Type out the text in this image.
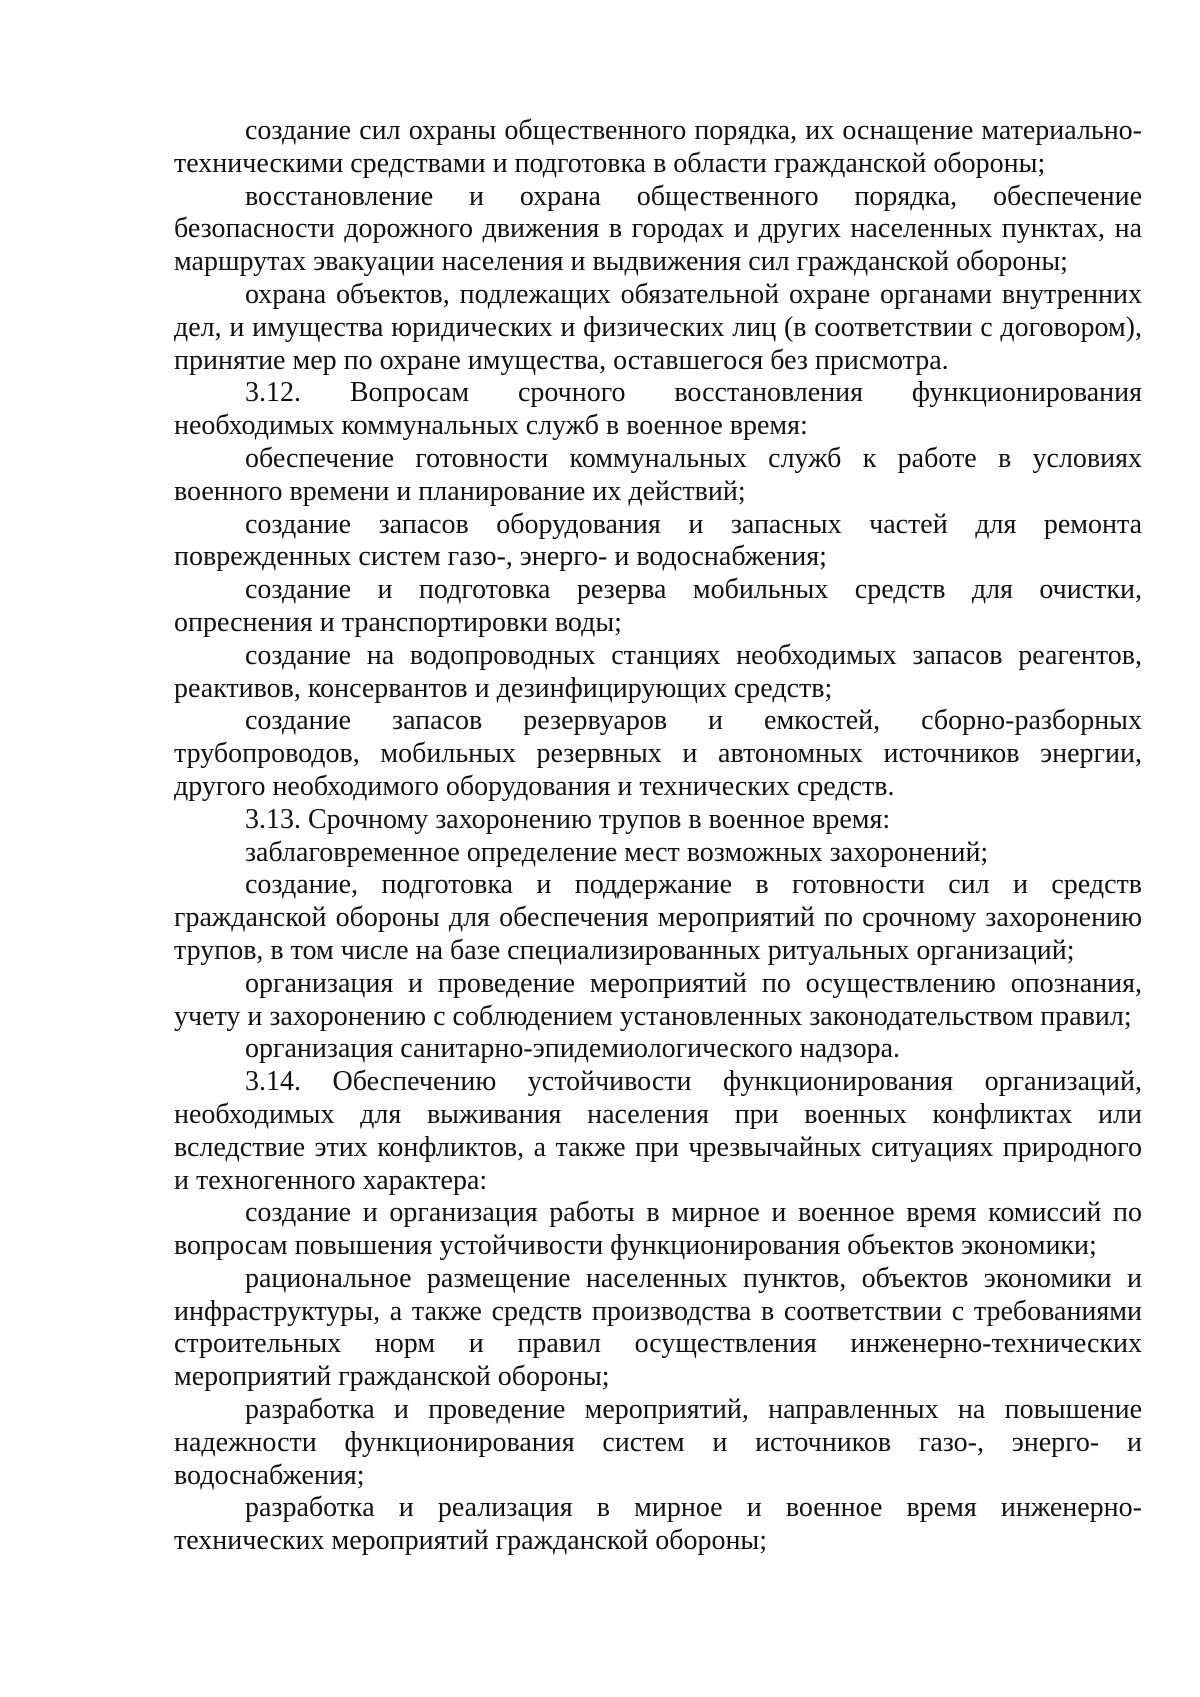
создание сил охраны общественного порядка, их оснащение материально-техническими средствами и подготовка в области гражданской обороны;

восстановление и охрана общественного порядка, обеспечение безопасности дорожного движения в городах и других населенных пунктах, на маршрутах эвакуации населения и выдвижения сил гражданской обороны;

охрана объектов, подлежащих обязательной охране органами внутренних дел, и имущества юридических и физических лиц (в соответствии с договором), принятие мер по охране имущества, оставшегося без присмотра.

3.12. Вопросам срочного восстановления функционирования необходимых коммунальных служб в военное время:

обеспечение готовности коммунальных служб к работе в условиях военного времени и планирование их действий;

создание запасов оборудования и запасных частей для ремонта поврежденных систем газо-, энерго- и водоснабжения;

создание и подготовка резерва мобильных средств для очистки, опреснения и транспортировки воды;

создание на водопроводных станциях необходимых запасов реагентов, реактивов, консервантов и дезинфицирующих средств;

создание запасов резервуаров и емкостей, сборно-разборных трубопроводов, мобильных резервных и автономных источников энергии, другого необходимого оборудования и технических средств.

3.13. Срочному захоронению трупов в военное время:

заблаговременное определение мест возможных захоронений;

создание, подготовка и поддержание в готовности сил и средств гражданской обороны для обеспечения мероприятий по срочному захоронению трупов, в том числе на базе специализированных ритуальных организаций;

организация и проведение мероприятий по осуществлению опознания, учету и захоронению с соблюдением установленных законодательством правил;

организация санитарно-эпидемиологического надзора.

3.14. Обеспечению устойчивости функционирования организаций, необходимых для выживания населения при военных конфликтах или вследствие этих конфликтов, а также при чрезвычайных ситуациях природного и техногенного характера:

создание и организация работы в мирное и военное время комиссий по вопросам повышения устойчивости функционирования объектов экономики;

рациональное размещение населенных пунктов, объектов экономики и инфраструктуры, а также средств производства в соответствии с требованиями строительных норм и правил осуществления инженерно-технических мероприятий гражданской обороны;

разработка и проведение мероприятий, направленных на повышение надежности функционирования систем и источников газо-, энерго- и водоснабжения;

разработка и реализация в мирное и военное время инженерно-технических мероприятий гражданской обороны;
